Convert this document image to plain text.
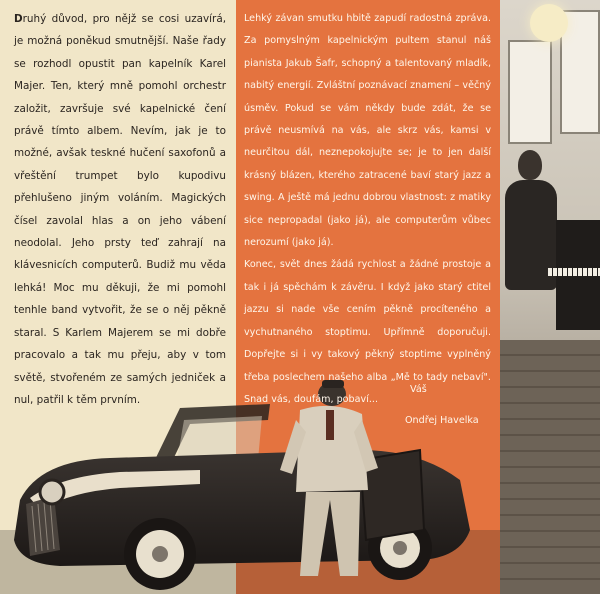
Druhý důvod, pro nějž se cosi uzavírá, je možná poněkud smutnější. Naše řady se rozhodl opustit pan kapelník Karel Majer. Ten, který mně pomohl orchestr založit, završuje své kapelnické čení právě tímto albem. Nevím, jak je to možné, avšak teskné hučení saxofonů a vřeštění trumpet bylo kupodivu přehlušeno jiným voláním. Magických čísel zavolal hlas a on jeho vábení neodolal. Jeho prsty teď zahrají na klávesnicích computerů. Budiž mu věda lehká! Moc mu děkuji, že mi pomohl tenhle band vytvořit, že se o něj pěkně staral. S Karlem Majerem se mi dobře pracovalo a tak mu přeju, aby v tom světě, stvořeném ze samých jedniček a nul, patřil k těm prvním.

Lehký závan smutku hbitě zapudí radostná zpráva. Za pomyslným kapelnickým pultem stanul náš pianista Jakub Šafr, schopný a talentovaný mladík, nabitý energií. Zvláštní poznávací znamení – věčný úsměv. Pokud se vám někdy bude zdát, že se právě neusmívá na vás, ale skrz vás, kamsi v neurčitou dál, neznepokojujte se; je to jen další krásný blázen, kterého zatracené baví starý jazz a swing. A ještě má jednu dobrou vlastnost: z matiky sice nepropadal (jako já), ale computerům vůbec nerozumí (jako já).

Konec, svět dnes žádá rychlost a žádné prostoje a tak i já spěchám k závěru. I když jako starý ctitel jazzu si nade vše cením pěkně procíteného a vychutnaného stoptimu. Upřímně doporučuji. Dopřejte si i vy takový pěkný stoptime vyplněný třeba poslechem našeho alba „Mě to tady nebaví". Snad vás, doufám, pobaví...

Váš
Ondřej Havelka
